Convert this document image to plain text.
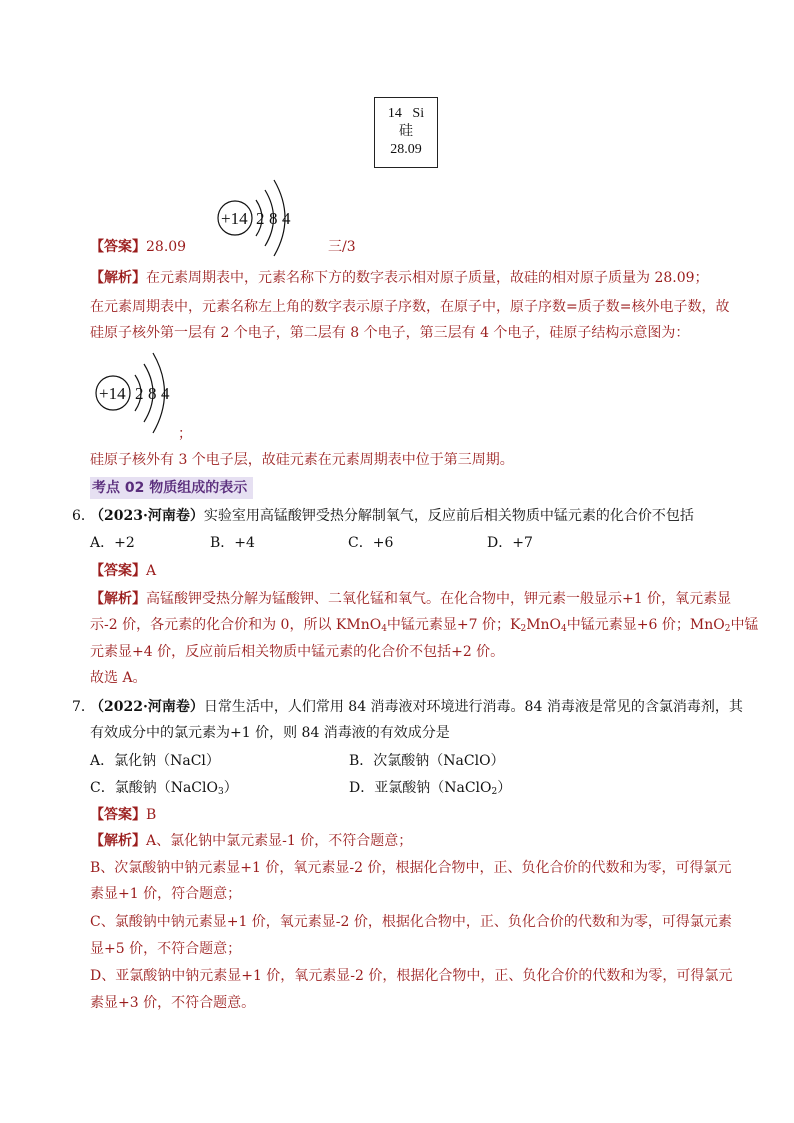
14   Si
硅
28.09
+14 2 8 4
【答案】28.09	三/3
【解析】在元素周期表中，元素名称下方的数字表示相对原子质量，故硅的相对原子质量为 28.09；
在元素周期表中，元素名称左上角的数字表示原子序数，在原子中，原子序数=质子数=核外电子数，故
硅原子核外第一层有 2 个电子，第二层有 8 个电子，第三层有 4 个电子，硅原子结构示意图为：
+14 2 8 4
；
硅原子核外有 3 个电子层，故硅元素在元素周期表中位于第三周期。
考点 02 物质组成的表示
6．
（2023·河南卷）实验室用高锰酸钾受热分解制氧气，反应前后相关物质中锰元素的化合价不包括
A．+2	B．+4	C．+6	D．+7
【答案】A
【解析】高锰酸钾受热分解为锰酸钾、二氧化锰和氧气。在化合物中，钾元素一般显示+1 价，氧元素显
示-2 价，各元素的化合价和为 0，所以 KMnO$_4$中锰元素显+7 价；$K_2MnO_4$中锰元素显+6 价；MnO$_2$中锰
元素显+4 价，反应前后相关物质中锰元素的化合价不包括+2 价。
故选 A。
7．
（2022·河南卷）日常生活中，人们常用 84 消毒液对环境进行消毒。84 消毒液是常见的含氯消毒剂，其
有效成分中的氯元素为+1 价，则 84 消毒液的有效成分是
A．氯化钠（NaCl）	B．次氯酸钠（NaClO）
C．氯酸钠（NaClO$_3$）	D．亚氯酸钠（NaClO$_2$）
【答案】B
【解析】A、氯化钠中氯元素显-1 价，不符合题意；
B、次氯酸钠中钠元素显+1 价，氧元素显-2 价，根据化合物中，正、负化合价的代数和为零，可得氯元
素显+1 价，符合题意；
C、氯酸钠中钠元素显+1 价，氧元素显-2 价，根据化合物中，正、负化合价的代数和为零，可得氯元素
显+5 价，不符合题意；
D、亚氯酸钠中钠元素显+1 价，氧元素显-2 价，根据化合物中，正、负化合价的代数和为零，可得氯元
素显+3 价，不符合题意。
